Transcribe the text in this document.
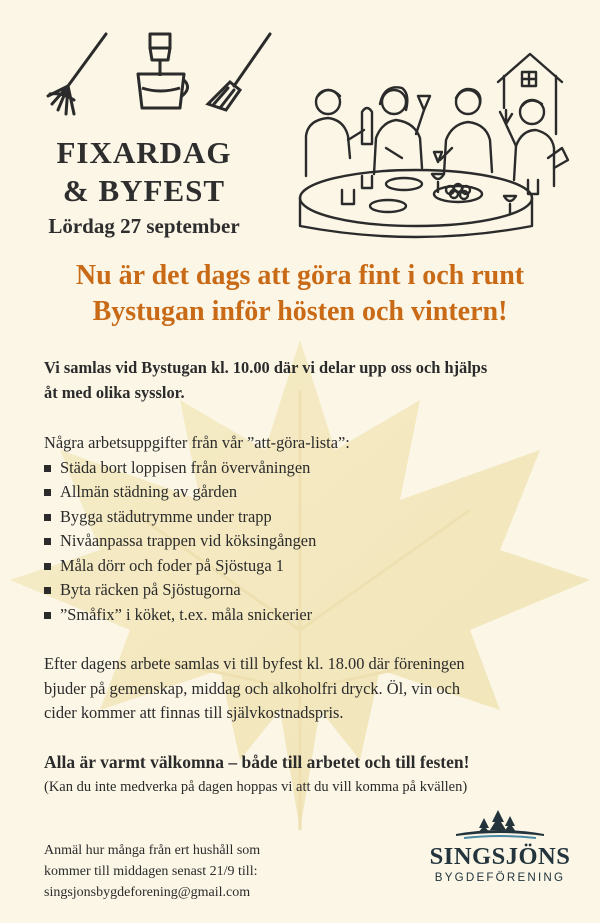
FIXARDAG
& BYFEST
Lördag 27 september
Nu är det dags att göra fint i och runt
Bystugan inför hösten och vintern!

Vi samlas vid Bystugan kl. 10.00 där vi delar upp oss och hjälps
åt med olika sysslor.

Några arbetsuppgifter från vår ”att-göra-lista”:

Städa bort loppisen från övervåningen
Allmän städning av gården
Bygga städutrymme under trapp
Nivåanpassa trappen vid köksingången
Måla dörr och foder på Sjöstuga 1
Byta räcken på Sjöstugorna
”Småfix” i köket, t.ex. måla snickerier

Efter dagens arbete samlas vi till byfest kl. 18.00 där föreningen
bjuder på gemenskap, middag och alkoholfri dryck. Öl, vin och
cider kommer att finnas till självkostnadspris.

Alla är varmt välkomna – både till arbetet och till festen!

(Kan du inte medverka på dagen hoppas vi att du vill komma på kvällen)

Anmäl hur många från ert hushåll som
kommer till middagen senast 21/9 till:
singsjonsbygdeforening@gmail.com
SINGSJÖNS
BYGDEFÖRENING
